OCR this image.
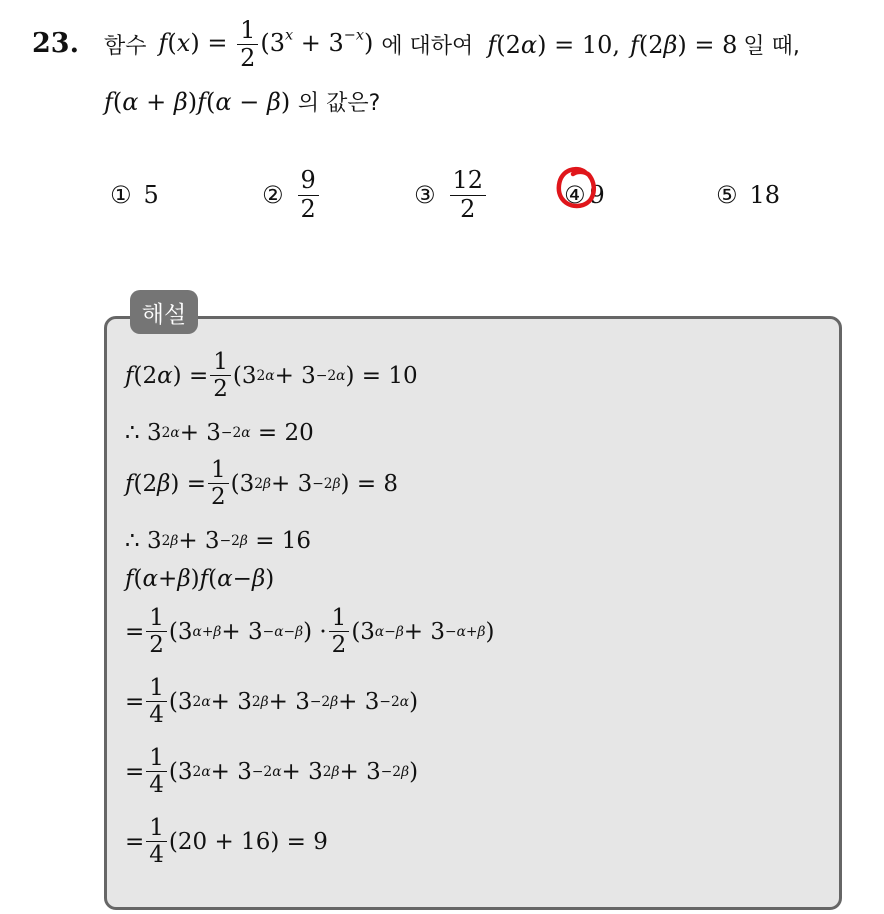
23. 함수 $f(x) = \frac{1}{2} (3^x + 3^{-x})$ 에 대하여 f(2α) = 10, f(2β) = 8 일 때,
f(α + β)f(α − β) 의 값은?
① 5	② $\frac{9}{2}$	③ $\frac{12}{2}$	④ 9	⑤ 18
해설
f (2 α ) = $\frac{1}{2} (3$ 2α + 3 −2α ) = 10
∴ 3 2α + 3 −2α
= 20
f (2 β ) = $\frac{1}{2} (3$ 2β + 3 −2β ) = 8
∴ 3 2β + 3 −2β
= 16
f ( α + β ) f ( α − β )
= $\frac{1}{2} (3$ α+β + 3 −α−β ) · $\frac{1}{2} (3$ α−β + 3 −α+β )
= $\frac{1}{4} (3$ 2α + 3 2β + 3 −2β + 3 −2α )
= $\frac{1}{4} (3$ 2α + 3 −2α + 3 2β + 3 −2β )
= $\frac{1}{4} (20 + 16) = 9$
